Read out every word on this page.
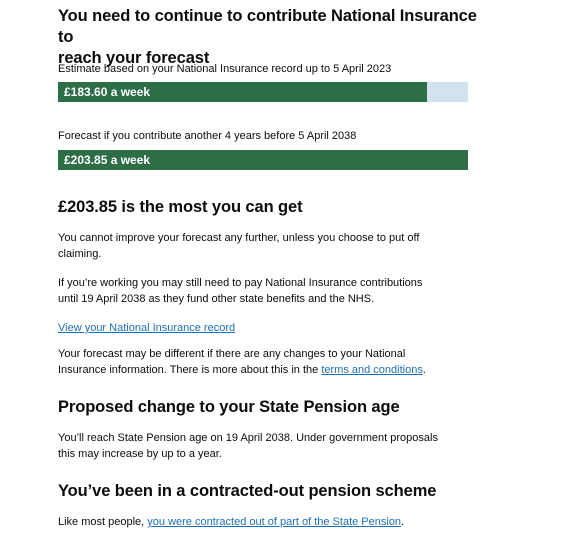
You need to continue to contribute National Insurance to
reach your forecast

Estimate based on your National Insurance record up to 5 April 2023

£183.60 a week

Forecast if you contribute another 4 years before 5 April 2038

£203.85 a week
£203.85 is the most you can get

You cannot improve your forecast any further, unless you choose to put off
claiming.

If you’re working you may still need to pay National Insurance contributions
until 19 April 2038 as they fund other state benefits and the NHS.

View your National Insurance record

Your forecast may be different if there are any changes to your National
Insurance information. There is more about this in the terms and conditions.

Proposed change to your State Pension age

You’ll reach State Pension age on 19 April 2038. Under government proposals
this may increase by up to a year.

You’ve been in a contracted-out pension scheme

Like most people, you were contracted out of part of the State Pension.
